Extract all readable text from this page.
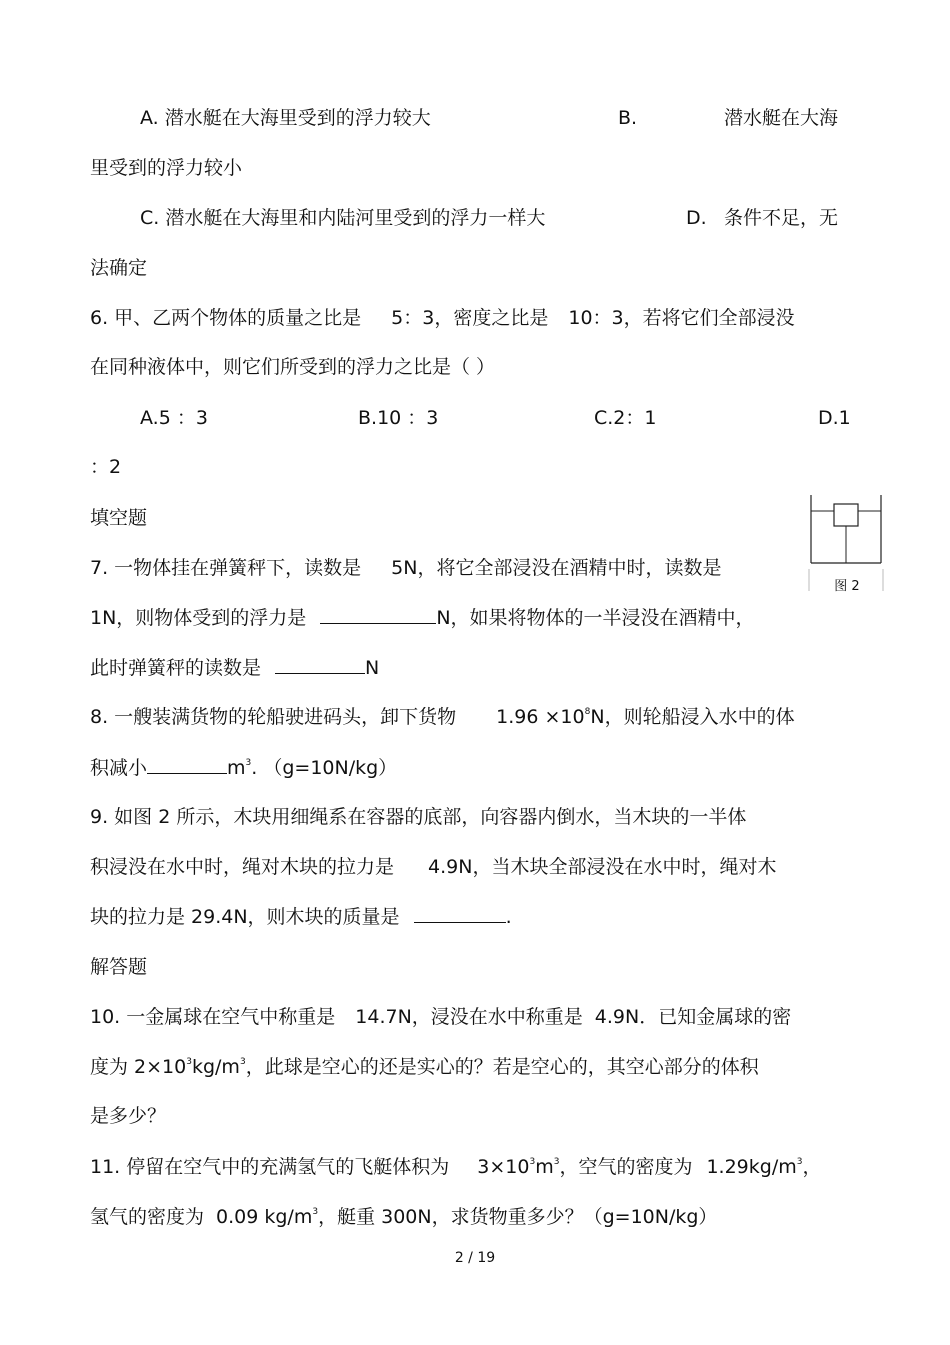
A. 潜水艇在大海里受到的浮力较大	B.	潜水艇在大海
里受到的浮力较小
C. 潜水艇在大海里和内陆河里受到的浮力一样大	D. 条件不足，无
法确定
6. 甲、乙两个物体的质量之比是 5：3，密度之比是 10：3，若将它们全部浸没
在同种液体中，则它们所受到的浮力之比是（ ）
A.5 ：3	B.10 ：3	C.2：1	D.1
：2
填空题
图 2
7. 一物体挂在弹簧秤下，读数是 5N，将它全部浸没在酒精中时，读数是
1N，则物体受到的浮力是	N，如果将物体的一半浸没在酒精中，
此时弹簧秤的读数是	N
8. 一艘装满货物的轮船驶进码头，卸下货物 $1.96 \times 10^8N$，则轮船浸入水中的体
积减小	$m^3$. （g=10N/kg）
9. 如图 2 所示，木块用细绳系在容器的底部，向容器内倒水，当木块的一半体
积浸没在水中时，绳对木块的拉力是 4.9N，当木块全部浸没在水中时，绳对木
块的拉力是 29.4N，则木块的质量是	.
解答题
10. 一金属球在空气中称重是 14.7N，浸没在水中称重是 4.9N．已知金属球的密
度为 $2\times 10^3kg/m^3$，此球是空心的还是实心的？若是空心的，其空心部分的体积
是多少？
11. 停留在空气中的充满氢气的飞艇体积为 $3\times 10^3m^3$，空气的密度为 $1.29kg/m^3$，
氢气的密度为 0.09 $kg/m^3$，艇重 300N，求货物重多少？（g=10N/kg）
2 / 19
